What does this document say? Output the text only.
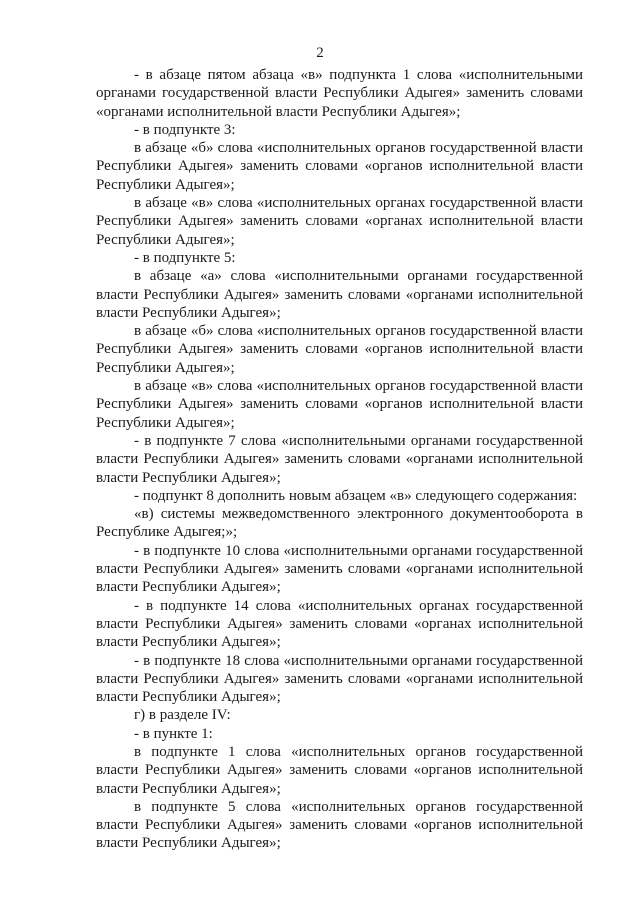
2

- в абзаце пятом абзаца «в» подпункта 1 слова «исполнительными органами государственной власти Республики Адыгея» заменить словами «органами исполнительной власти Республики Адыгея»;

- в подпункте 3:

в абзаце «б» слова «исполнительных органов государственной власти Республики Адыгея» заменить словами «органов исполнительной власти Республики Адыгея»;

в абзаце «в» слова «исполнительных органах государственной власти Республики Адыгея» заменить словами «органах исполнительной власти Республики Адыгея»;

- в подпункте 5:

в абзаце «а» слова «исполнительными органами государственной власти Республики Адыгея» заменить словами «органами исполнительной власти Республики Адыгея»;

в абзаце «б» слова «исполнительных органов государственной власти Республики Адыгея» заменить словами «органов исполнительной власти Республики Адыгея»;

в абзаце «в» слова «исполнительных органов государственной власти Республики Адыгея» заменить словами «органов исполнительной власти Республики Адыгея»;

- в подпункте 7 слова «исполнительными органами государственной власти Республики Адыгея» заменить словами «органами исполнительной власти Республики Адыгея»;

- подпункт 8 дополнить новым абзацем «в» следующего содержания:

«в) системы межведомственного электронного документооборота в Республике Адыгея;»;

- в подпункте 10 слова «исполнительными органами государственной власти Республики Адыгея» заменить словами «органами исполнительной власти Республики Адыгея»;

- в подпункте 14 слова «исполнительных органах государственной власти Республики Адыгея» заменить словами «органах исполнительной власти Республики Адыгея»;

- в подпункте 18 слова «исполнительными органами государственной власти Республики Адыгея» заменить словами «органами исполнительной власти Республики Адыгея»;

г) в разделе IV:

- в пункте 1:

в подпункте 1 слова «исполнительных органов государственной власти Республики Адыгея» заменить словами «органов исполнительной власти Республики Адыгея»;

в подпункте 5 слова «исполнительных органов государственной власти Республики Адыгея» заменить словами «органов исполнительной власти Республики Адыгея»;
